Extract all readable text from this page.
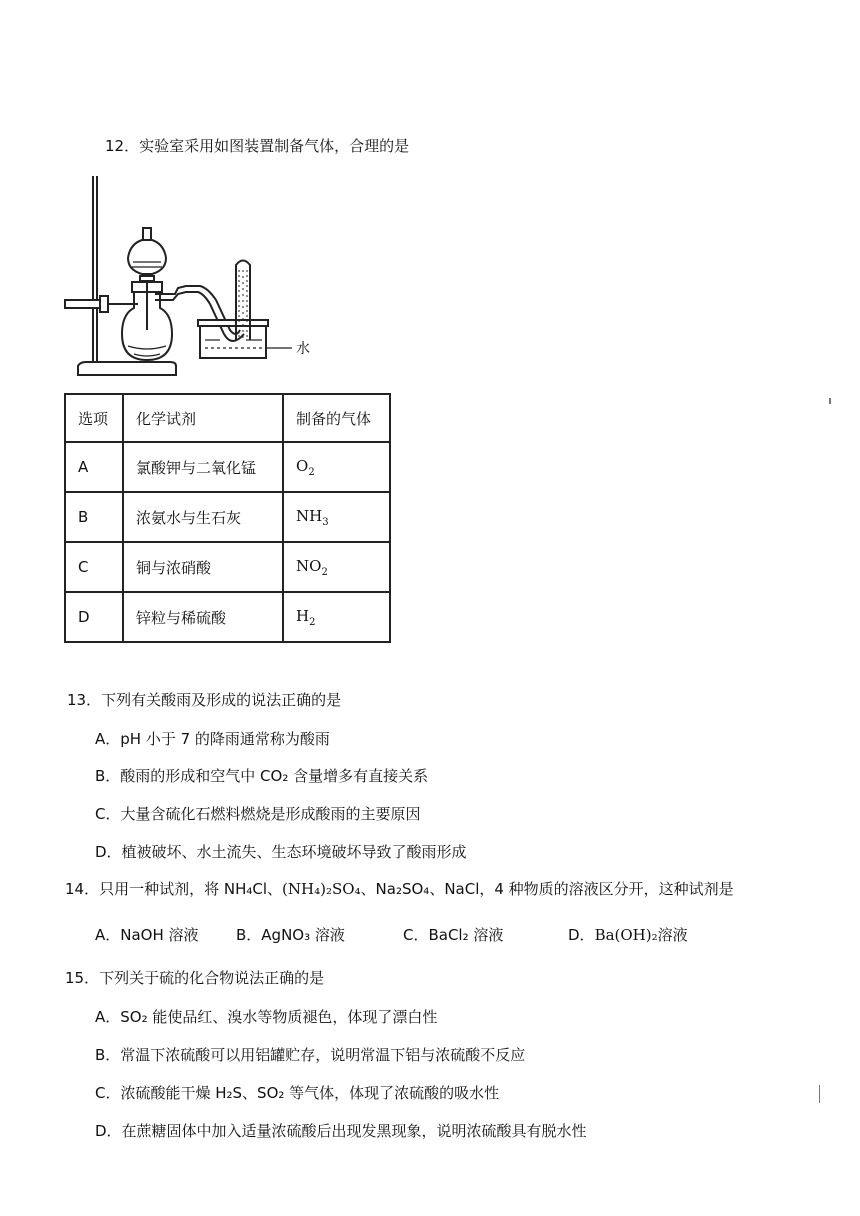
12．实验室采用如图装置制备气体，合理的是
水
选项	化学试剂	制备的气体
A	氯酸钾与二氧化锰	$O_2$
B	浓氨水与生石灰	$NH_3$
C	铜与浓硝酸	$NO_2$
D	锌粒与稀硫酸	$H_2$
13．下列有关酸雨及形成的说法正确的是
A．pH 小于 7 的降雨通常称为酸雨
B．酸雨的形成和空气中 CO₂ 含量增多有直接关系
C．大量含硫化石燃料燃烧是形成酸雨的主要原因
D．植被破坏、水土流失、生态环境破坏导致了酸雨形成
14．只用一种试剂，将 NH₄Cl、(NH₄)₂SO₄、Na₂SO₄、NaCl，4 种物质的溶液区分开，这种试剂是
A．NaOH 溶液 B．AgNO₃ 溶液	C．BaCl₂ 溶液	D．Ba(OH)₂溶液
15．下列关于硫的化合物说法正确的是
A．SO₂ 能使品红、溴水等物质褪色，体现了漂白性
B．常温下浓硫酸可以用铝罐贮存，说明常温下铝与浓硫酸不反应
C．浓硫酸能干燥 H₂S、SO₂ 等气体，体现了浓硫酸的吸水性
D．在蔗糖固体中加入适量浓硫酸后出现发黑现象，说明浓硫酸具有脱水性
